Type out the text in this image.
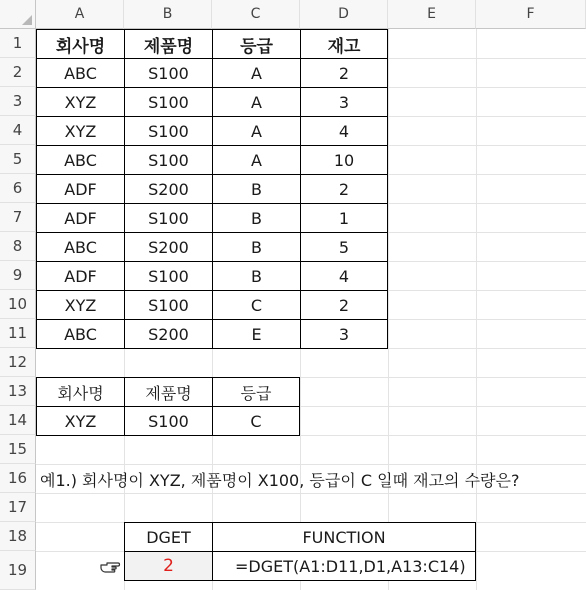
A	B	C	D	E	F
1
2
3
4
5
6
7
8
9
10
11
12
13
14
15
16
17
18
19
회사명	제품명	등급	재고
ABC	S100	A	2
XYZ	S100	A	3
XYZ	S100	A	4
ABC	S100	A	10
ADF	S200	B	2
ADF	S100	B	1
ABC	S200	B	5
ADF	S100	B	4
XYZ	S100	C	2
ABC	S200	E	3
회사명	제품명	등급
XYZ	S100	C
예1.) 회사명이 XYZ, 제품명이 X100, 등급이 C 일때 재고의 수량은?
DGET	FUNCTION
2	=DGET(A1:D11,D1,A13:C14)
